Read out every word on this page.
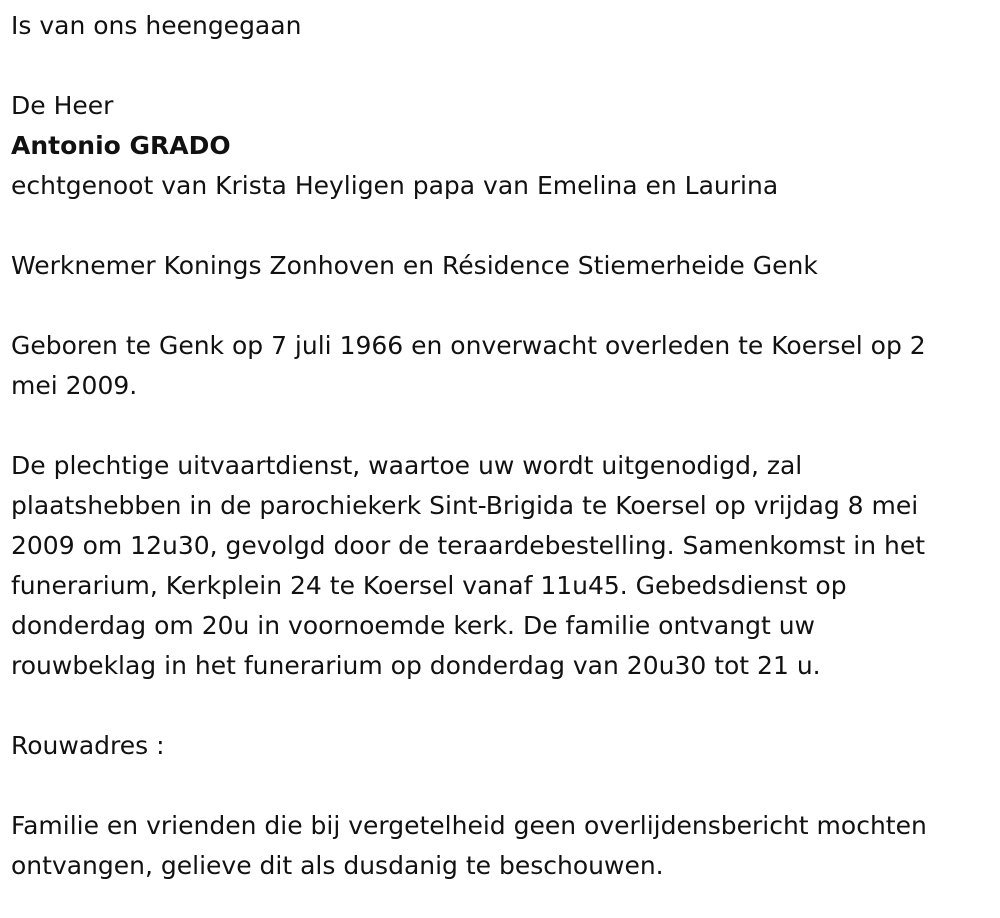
Is van ons heengegaan
De Heer
Antonio GRADO
echtgenoot van Krista Heyligen papa van Emelina en Laurina
Werknemer Konings Zonhoven en Résidence Stiemerheide Genk
Geboren te Genk op 7 juli 1966 en onverwacht overleden te Koersel op 2
mei 2009.
De plechtige uitvaartdienst, waartoe uw wordt uitgenodigd, zal
plaatshebben in de parochiekerk Sint-Brigida te Koersel op vrijdag 8 mei
2009 om 12u30, gevolgd door de teraardebestelling. Samenkomst in het
funerarium, Kerkplein 24 te Koersel vanaf 11u45. Gebedsdienst op
donderdag om 20u in voornoemde kerk. De familie ontvangt uw
rouwbeklag in het funerarium op donderdag van 20u30 tot 21 u.
Rouwadres :
Familie en vrienden die bij vergetelheid geen overlijdensbericht mochten
ontvangen, gelieve dit als dusdanig te beschouwen.
